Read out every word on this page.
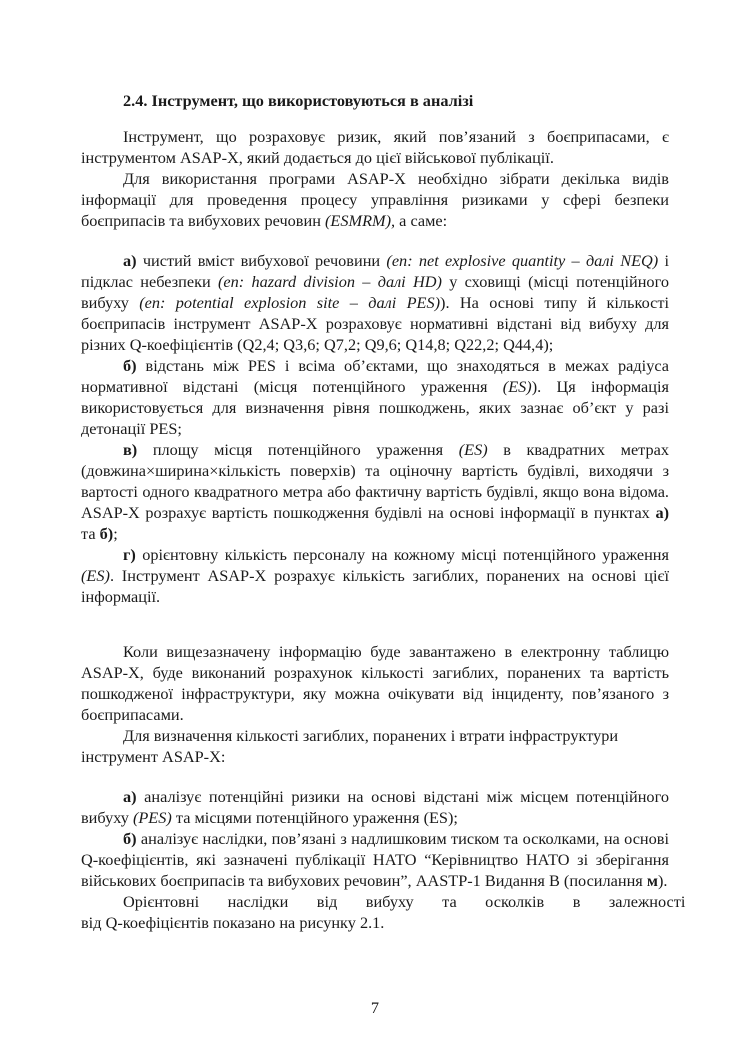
2.4. Інструмент, що використовуються в аналізі

Інструмент, що розраховує ризик, який пов’язаний з боєприпасами, є інструментом ASAP-X, який додається до цієї військової публікації.

Для використання програми ASAP-X необхідно зібрати декілька видів інформації для проведення процесу управління ризиками у сфері безпеки боєприпасів та вибухових речовин (ESMRM), а саме:

а) чистий вміст вибухової речовини (en: net explosive quantity – далі NEQ) і підклас небезпеки (en: hazard division – далі HD) у сховищі (місці потенційного вибуху (en: potential explosion site – далі PES)). На основі типу й кількості боєприпасів інструмент ASAP-X розраховує нормативні відстані від вибуху для різних Q-коефіцієнтів (Q2,4; Q3,6; Q7,2; Q9,6; Q14,8; Q22,2; Q44,4);

б) відстань між PES і всіма об’єктами, що знаходяться в межах радіуса нормативної відстані (місця потенційного ураження (ES)). Ця інформація використовується для визначення рівня пошкоджень, яких зазнає об’єкт у разі детонації PES;

в) площу місця потенційного ураження (ES) в квадратних метрах (довжина×ширина×кількість поверхів) та оціночну вартість будівлі, виходячи з вартості одного квадратного метра або фактичну вартість будівлі, якщо вона відома. ASAP-X розрахує вартість пошкодження будівлі на основі інформації в пунктах а) та б);

г) орієнтовну кількість персоналу на кожному місці потенційного ураження (ES). Інструмент ASAP-X розрахує кількість загиблих, поранених на основі цієї інформації.

Коли вищезазначену інформацію буде завантажено в електронну таблицю ASAP-X, буде виконаний розрахунок кількості загиблих, поранених та вартість пошкодженої інфраструктури, яку можна очікувати від інциденту, пов’язаного з боєприпасами.

Для визначення кількості загиблих, поранених і втрати інфраструктури інструмент ASAP-X:

а) аналізує потенційні ризики на основі відстані між місцем потенційного вибуху (PES) та місцями потенційного ураження (ES);

б) аналізує наслідки, пов’язані з надлишковим тиском та осколками, на основі Q-коефіцієнтів, які зазначені публікації НАТО “Керівництво НАТО зі зберігання військових боєприпасів та вибухових речовин”, AASTP-1 Видання B (посилання м).

Орієнтовні       наслідки       від       вибуху       та       осколків       в       залежності

від Q-коефіцієнтів показано на рисунку 2.1.

7
